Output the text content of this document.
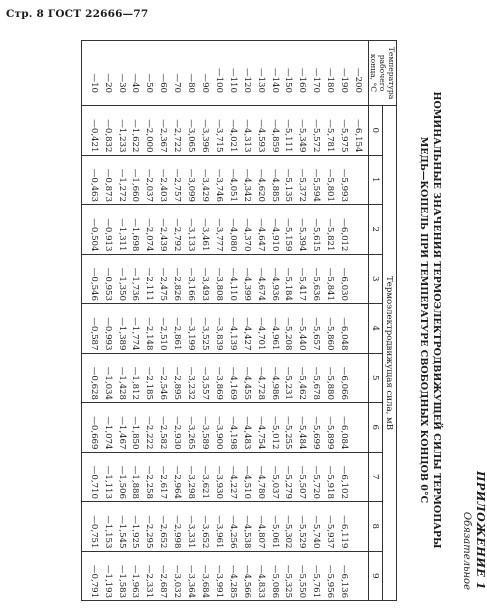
Стр. 8 ГОСТ 22666—77
ПРИЛОЖЕНИЕ 1
Обязательное
НОМИНАЛЬНЫЕ ЗНАЧЕНИЯ ТЕРМОЭЛЕКТРОДВИЖУЩЕЙ СИЛЫ ТЕРМОПАРЫ
МЕДЬ—КОПЕЛЬ ПРИ ТЕМПЕРАТУРЕ СВОБОДНЫХ КОНЦОВ 0°С
Температура рабочего конца, °С	Термоэлектродвижущая сила, мВ									
	0	1	2	3	4	5	6	7	8	9
—200	—6,154									
—190	—5,975	—5,993	—6,012	—6,030	—6,048	—6,066	—6,084	—6,102	—6,119	—6,136
—180	—5,781	—5,801	—5,821	—5,841	—5,860	—5,880	—5,899	—5,918	—5,937	—5,956
—170	—5,572	—5,594	—5,615	—5,636	—5,657	—5,678	—5,699	—5,720	—5,740	—5,761
—160	—5,349	—5,372	—5,394	—5,417	—5,440	—5,462	—5,484	—5,507	—5,529	—5,550
—150	—5,111	—5,135	—5,159	—5,184	—5,208	—5,231	—5,255	—5,279	—5,302	—5,325
—140	—4,859	—4,885	—4,910	—4,936	—4,961	—4,986	—5,012	—5,037	—5,061	—5,086
—130	—4,593	—4,620	—4,647	—4,674	—4,701	—4,728	—4,754	—4,780	—4,807	—4,833
—120	—4,313	—4,342	—4,370	—4,399	—4,427	—4,455	—4,483	—4,510	—4,538	—4,566
—110	—4,021	—4,051	—4,080	—4,110	—4,139	—4,169	—4,198	—4,227	—4,256	—4,285
—100	—3,715	—3,746	—3,777	—3,808	—3,839	—3,869	—3,900	—3,930	—3,961	—3,991
—90	—3,396	—3,429	—3,461	—3,493	—3,525	—3,557	—3,589	—3,621	—3,652	—3,684
—80	—3,065	—3,099	—3,133	—3,166	—3,199	—3,232	—3,265	—3,298	—3,331	—3,364
—70	—2,722	—2,757	—2,792	—2,826	—2,861	—2,895	—2,930	—2,964	—2,998	—3,032
—60	—2,367	—2,403	—2,439	—2,475	—2,510	—2,546	—2,582	—2,617	—2,652	—2,687
—50	—2,000	—2,037	—2,074	—2,111	—2,148	—2,185	—2,222	—2,258	—2,295	—2,331
—40	—1,622	—1,660	—1,698	—1,736	—1,774	—1,812	—1,850	—1,888	—1,925	—1,963
—30	—1,233	—1,272	—1,311	—1,350	—1,389	—1,428	—1,467	—1,506	—1,545	—1,583
—20	—0,832	—0,873	—0,913	—0,953	—0,993	—1,034	—1,074	—1,113	—1,153	—1,193
—10	—0,421	—0,463	—0,504	—0,546	—0,587	—0,628	—0,669	—0,710	—0,751	—0,791
